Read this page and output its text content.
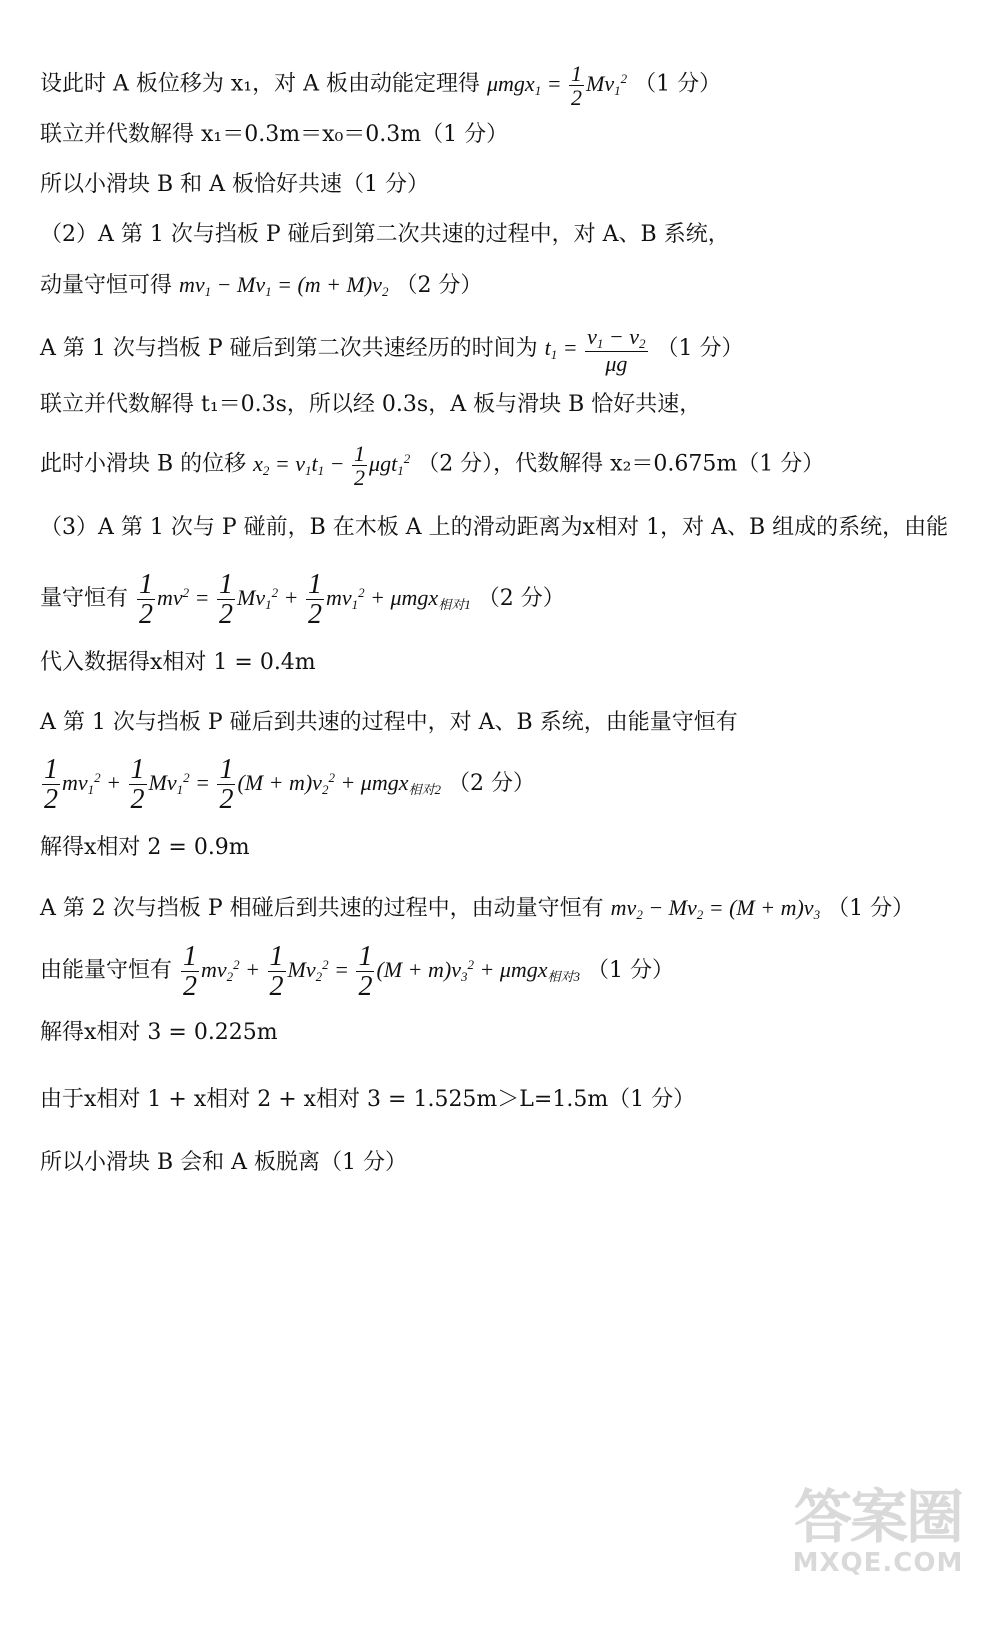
设此时 A 板位移为 x₁，对 A 板由动能定理得 $\mu mgx_1 = \frac{1}{2} Mv_1^2$ （1 分）
联立并代数解得 x₁＝0.3m＝x₀＝0.3m（1 分）
所以小滑块 B 和 A 板恰好共速（1 分）
（2）A 第 1 次与挡板 P 碰后到第二次共速的过程中，对 A、B 系统，
动量守恒可得 $mv_1 - Mv_1 = (m + M)v_2$ （2 分）
A 第 1 次与挡板 P 碰后到第二次共速经历的时间为 $t_1 = \frac{v_1 - v_2}{\mu g} (1$ 分）
联立并代数解得 t₁＝0.3s，所以经 0.3s，A 板与滑块 B 恰好共速，
此时小滑块 B 的位移 $x_2 = v_1t_1 - \frac{1}{2} \mu gt_1^2$ （2 分），代数解得 x₂＝0.675m（1 分）
（3）A 第 1 次与 P 碰前，B 在木板 A 上的滑动距离为x相对 1，对 A、B 组成的系统，由能
量守恒有 $\frac{1}{2} mv^2 = \frac{1}{2} Mv_1^2 + \frac{1}{2} mv_1^2 + \mu mgx_{相对1}$ （2 分）
代入数据得x相对 1 = 0.4m
A 第 1 次与挡板 P 碰后到共速的过程中，对 A、B 系统，由能量守恒有
$\frac{1}{2} mv_1^2 + \frac{1}{2} Mv_1^2 = \frac{1}{2} (M + m)v_2^2 + \mu mgx_{相对2}$ （2 分）
解得x相对 2 = 0.9m
A 第 2 次与挡板 P 相碰后到共速的过程中，由动量守恒有 $mv_2 - Mv_2 = (M + m)v_3$ （1 分）
由能量守恒有 $\frac{1}{2} mv_2^2 + \frac{1}{2} Mv_2^2 = \frac{1}{2} (M + m)v_3^2 + \mu mgx_{相对3}$ （1 分）
解得x相对 3 = 0.225m
由于x相对 1 + x相对 2 + x相对 3 = 1.525m＞L=1.5m（1 分）
所以小滑块 B 会和 A 板脱离（1 分）
答案圈
MXQE.COM
